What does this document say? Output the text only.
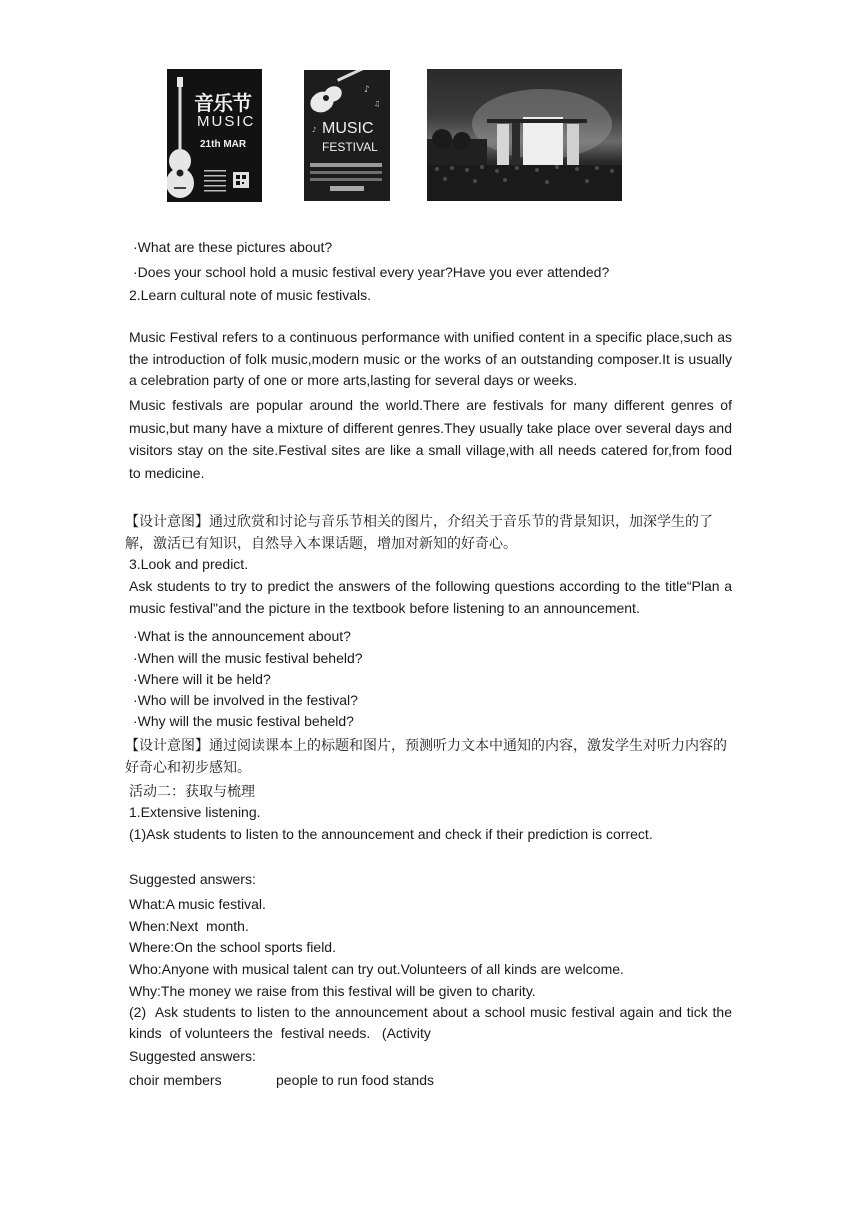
音乐节
MUSIC
21th MAR
♪
♫
♪ MUSIC
FESTIVAL
·What are these pictures about?
·Does your school hold a music festival every year?Have you ever attended?
2.Learn cultural note of music festivals.
Music Festival refers to a continuous performance with unified content in a specific place,such as the introduction of folk music,modern music or the works of an outstanding composer.It is usually a celebration party of one or more arts,lasting for several days or weeks.
Music festivals are popular around the world.There are festivals for many different genres of music,but many have a mixture of different genres.They usually take place over several days and visitors stay on the site.Festival sites are like a small village,with all needs catered for,from food to medicine.
【设计意图】通过欣赏和讨论与音乐节相关的图片，介绍关于音乐节的背景知识，加深学生的了解，激活已有知识，自然导入本课话题，增加对新知的好奇心。
3.Look and predict.
Ask students to try to predict the answers of the following questions according to the title“Plan a music festival"and the picture in the textbook before listening to an announcement.
·What is the announcement about?
·When will the music festival beheld?
·Where will it be held?
·Who will be involved in the festival?
·Why will the music festival beheld?
【设计意图】通过阅读课本上的标题和图片，预测听力文本中通知的内容，激发学生对听力内容的好奇心和初步感知。
活动二：获取与梳理
1.Extensive listening.
(1)Ask students to listen to the announcement and check if their prediction is correct.
Suggested answers:
What:A music festival.
When:Next  month.
Where:On the school sports field.
Who:Anyone with musical talent can try out.Volunteers of all kinds are welcome.
Why:The money we raise from this festival will be given to charity.
(2)  Ask students to listen to the announcement about a school music festival again and tick the kinds  of volunteers the  festival needs.   (Activity
Suggested answers:
choir members	people to run food stands
